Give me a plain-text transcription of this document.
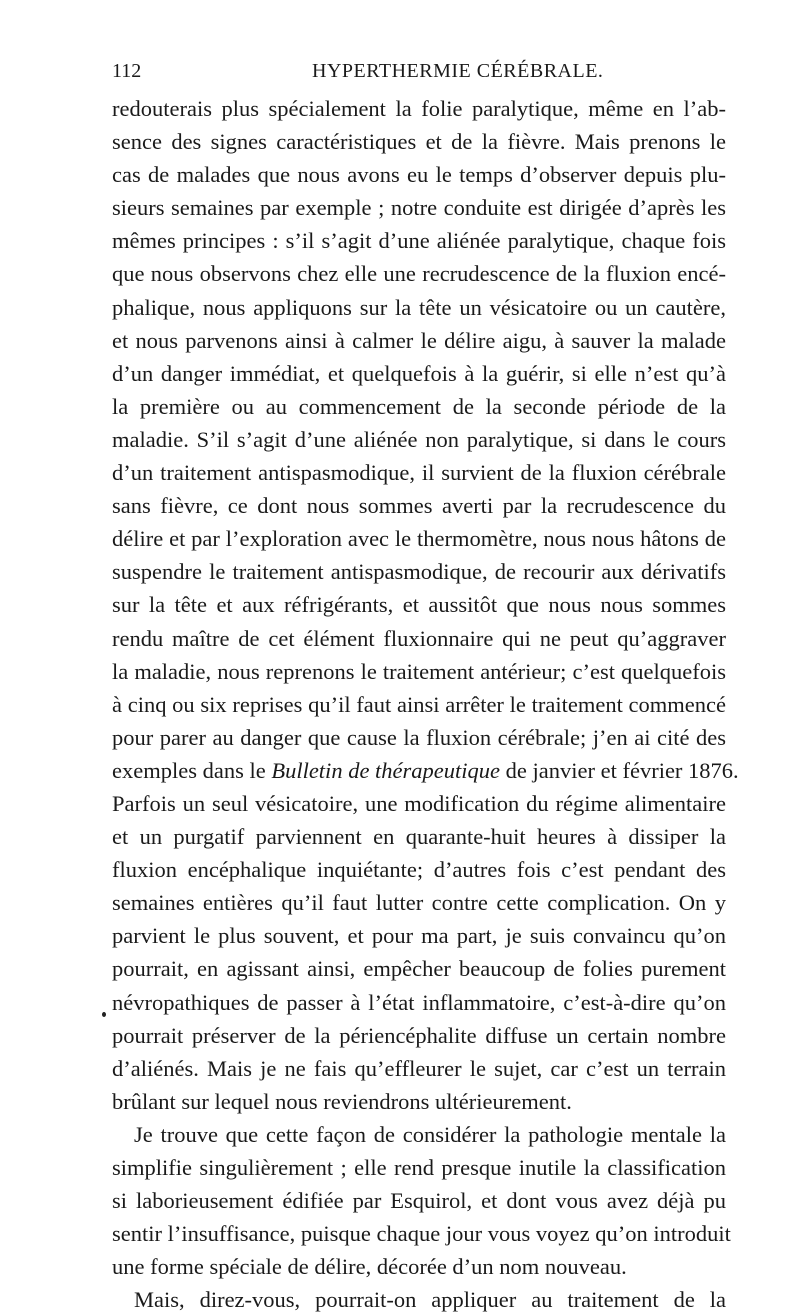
112	HYPERTHERMIE CÉRÉBRALE.
redouterais plus spécialement la folie paralytique, même en l’ab-
sence des signes caractéristiques et de la fièvre. Mais prenons le
cas de malades que nous avons eu le temps d’observer depuis plu-
sieurs semaines par exemple ; notre conduite est dirigée d’après les
mêmes principes : s’il s’agit d’une aliénée paralytique, chaque fois
que nous observons chez elle une recrudescence de la fluxion encé-
phalique, nous appliquons sur la tête un vésicatoire ou un cautère,
et nous parvenons ainsi à calmer le délire aigu, à sauver la malade
d’un danger immédiat, et quelquefois à la guérir, si elle n’est qu’à
la première ou au commencement de la seconde période de la
maladie. S’il s’agit d’une aliénée non paralytique, si dans le cours
d’un traitement antispasmodique, il survient de la fluxion cérébrale
sans fièvre, ce dont nous sommes averti par la recrudescence du
délire et par l’exploration avec le thermomètre, nous nous hâtons de
suspendre le traitement antispasmodique, de recourir aux dérivatifs
sur la tête et aux réfrigérants, et aussitôt que nous nous sommes
rendu maître de cet élément fluxionnaire qui ne peut qu’aggraver
la maladie, nous reprenons le traitement antérieur; c’est quelquefois
à cinq ou six reprises qu’il faut ainsi arrêter le traitement commencé
pour parer au danger que cause la fluxion cérébrale; j’en ai cité des
exemples dans le Bulletin de thérapeutique de janvier et février 1876.
Parfois un seul vésicatoire, une modification du régime alimentaire
et un purgatif parviennent en quarante-huit heures à dissiper la
fluxion encéphalique inquiétante; d’autres fois c’est pendant des
semaines entières qu’il faut lutter contre cette complication. On y
parvient le plus souvent, et pour ma part, je suis convaincu qu’on
pourrait, en agissant ainsi, empêcher beaucoup de folies purement
névropathiques de passer à l’état inflammatoire, c’est-à-dire qu’on
pourrait préserver de la périencéphalite diffuse un certain nombre
d’aliénés. Mais je ne fais qu’effleurer le sujet, car c’est un terrain
brûlant sur lequel nous reviendrons ultérieurement.
Je trouve que cette façon de considérer la pathologie mentale la
simplifie singulièrement ; elle rend presque inutile la classification
si laborieusement édifiée par Esquirol, et dont vous avez déjà pu
sentir l’insuffisance, puisque chaque jour vous voyez qu’on introduit
une forme spéciale de délire, décorée d’un nom nouveau.
Mais, direz-vous, pourrait-on appliquer au traitement de la
